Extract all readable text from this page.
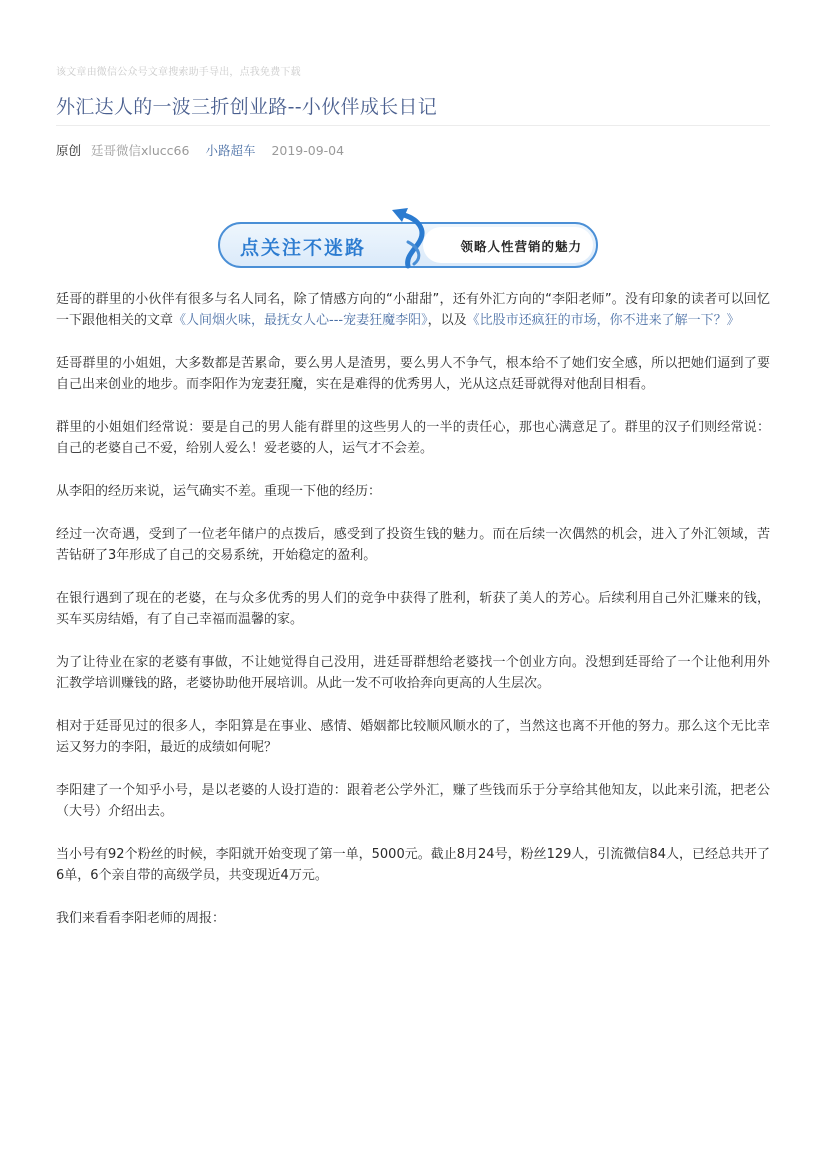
该文章由微信公众号文章搜索助手导出，点我免费下载
外汇达人的一波三折创业路--小伙伴成长日记
原创 廷哥微信xlucc66 小路超车 2019-09-04
点关注不迷路	领略人性营销的魅力

廷哥的群里的小伙伴有很多与名人同名，除了情感方向的“小甜甜”，还有外汇方向的“李阳老师”。没有印象的读者可以回忆一下跟他相关的文章《人间烟火味，最抚女人心---宠妻狂魔李阳》，以及《比股市还疯狂的市场，你不进来了解一下？》

廷哥群里的小姐姐，大多数都是苦累命，要么男人是渣男，要么男人不争气，根本给不了她们安全感，所以把她们逼到了要自己出来创业的地步。而李阳作为宠妻狂魔，实在是难得的优秀男人，光从这点廷哥就得对他刮目相看。

群里的小姐姐们经常说：要是自己的男人能有群里的这些男人的一半的责任心，那也心满意足了。群里的汉子们则经常说：自己的老婆自己不爱，给别人爱么！爱老婆的人，运气才不会差。

从李阳的经历来说，运气确实不差。重现一下他的经历：

经过一次奇遇，受到了一位老年储户的点拨后，感受到了投资生钱的魅力。而在后续一次偶然的机会，进入了外汇领域，苦苦钻研了3年形成了自己的交易系统，开始稳定的盈利。

在银行遇到了现在的老婆，在与众多优秀的男人们的竞争中获得了胜利，斩获了美人的芳心。后续利用自己外汇赚来的钱，买车买房结婚，有了自己幸福而温馨的家。

为了让待业在家的老婆有事做，不让她觉得自己没用，进廷哥群想给老婆找一个创业方向。没想到廷哥给了一个让他利用外汇教学培训赚钱的路，老婆协助他开展培训。从此一发不可收拾奔向更高的人生层次。

相对于廷哥见过的很多人，李阳算是在事业、感情、婚姻都比较顺风顺水的了，当然这也离不开他的努力。那么这个无比幸运又努力的李阳，最近的成绩如何呢？

李阳建了一个知乎小号，是以老婆的人设打造的：跟着老公学外汇，赚了些钱而乐于分享给其他知友，以此来引流，把老公（大号）介绍出去。

当小号有92个粉丝的时候，李阳就开始变现了第一单，5000元。截止8月24号，粉丝129人，引流微信84人，已经总共开了6单，6个亲自带的高级学员，共变现近4万元。

我们来看看李阳老师的周报：
